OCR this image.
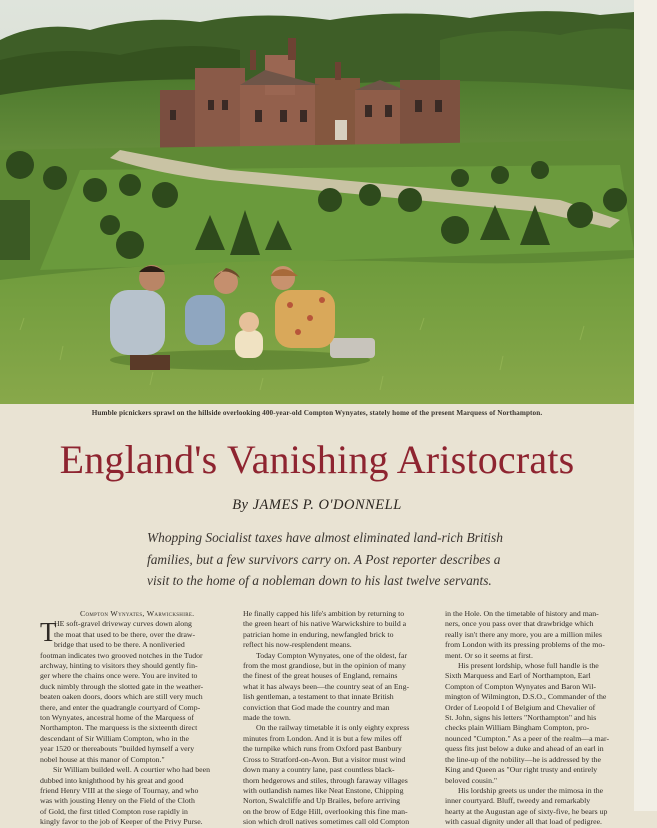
Humble picnickers sprawl on the hillside overlooking 400-year-old Compton Wynyates, stately home of the present Marquess of Northampton.
England's Vanishing Aristocrats
By JAMES P. O'DONNELL
Whopping Socialist taxes have almost eliminated land-rich British
families, but a few survivors carry on. A Post reporter describes a
visit to the home of a nobleman down to his last twelve servants.
Compton Wynyates, Warwickshire.
T
HE soft-gravel driveway curves down along
the moat that used to be there, over the draw-
bridge that used to be there. A nonliveried
footman indicates two grooved notches in the Tudor
archway, hinting to visitors they should gently fin-
ger where the chains once were. You are invited to
duck nimbly through the slotted gate in the weather-
beaten oaken doors, doors which are still very much
there, and enter the quadrangle courtyard of Comp-
ton Wynyates, ancestral home of the Marquess of
Northampton. The marquess is the sixteenth direct
descendant of Sir William Compton, who in the
year 1520 or thereabouts "builded hymself a very
nobel house at this manor of Compton."
Sir William builded well. A courtier who had been
dubbed into knighthood by his great and good
friend Henry VIII at the siege of Tournay, and who
was with jousting Henry on the Field of the Cloth
of Gold, the first titled Compton rose rapidly in
kingly favor to the job of Keeper of the Privy Purse.
He finally capped his life's ambition by returning to
the green heart of his native Warwickshire to build a
patrician home in enduring, newfangled brick to
reflect his now-resplendent means.
Today Compton Wynyates, one of the oldest, far
from the most grandiose, but in the opinion of many
the finest of the great houses of England, remains
what it has always been—the country seat of an Eng-
lish gentleman, a testament to that innate British
conviction that God made the country and man
made the town.
On the railway timetable it is only eighty express
minutes from London. And it is but a few miles off
the turnpike which runs from Oxford past Banbury
Cross to Stratford-on-Avon. But a visitor must wind
down many a country lane, past countless black-
thorn hedgerows and stiles, through faraway villages
with outlandish names like Neat Enstone, Chipping
Norton, Swalcliffe and Up Brailes, before arriving
on the brow of Edge Hill, overlooking this fine man-
sion which droll natives sometimes call old Compton
in the Hole. On the timetable of history and man-
ners, once you pass over that drawbridge which
really isn't there any more, you are a million miles
from London with its pressing problems of the mo-
ment. Or so it seems at first.
His present lordship, whose full handle is the
Sixth Marquess and Earl of Northampton, Earl
Compton of Compton Wynyates and Baron Wil-
mington of Wilmington, D.S.O., Commander of the
Order of Leopold I of Belgium and Chevalier of
St. John, signs his letters "Northampton" and his
checks plain William Bingham Compton, pro-
nounced "Cumpton." As a peer of the realm—a mar-
quess fits just below a duke and ahead of an earl in
the line-up of the nobility—he is addressed by the
King and Queen as "Our right trusty and entirely
beloved cousin."
His lordship greets us under the mimosa in the
inner courtyard. Bluff, tweedy and remarkably
hearty at the Augustan age of sixty-five, he bears up
with casual dignity under all that load of pedigree.
